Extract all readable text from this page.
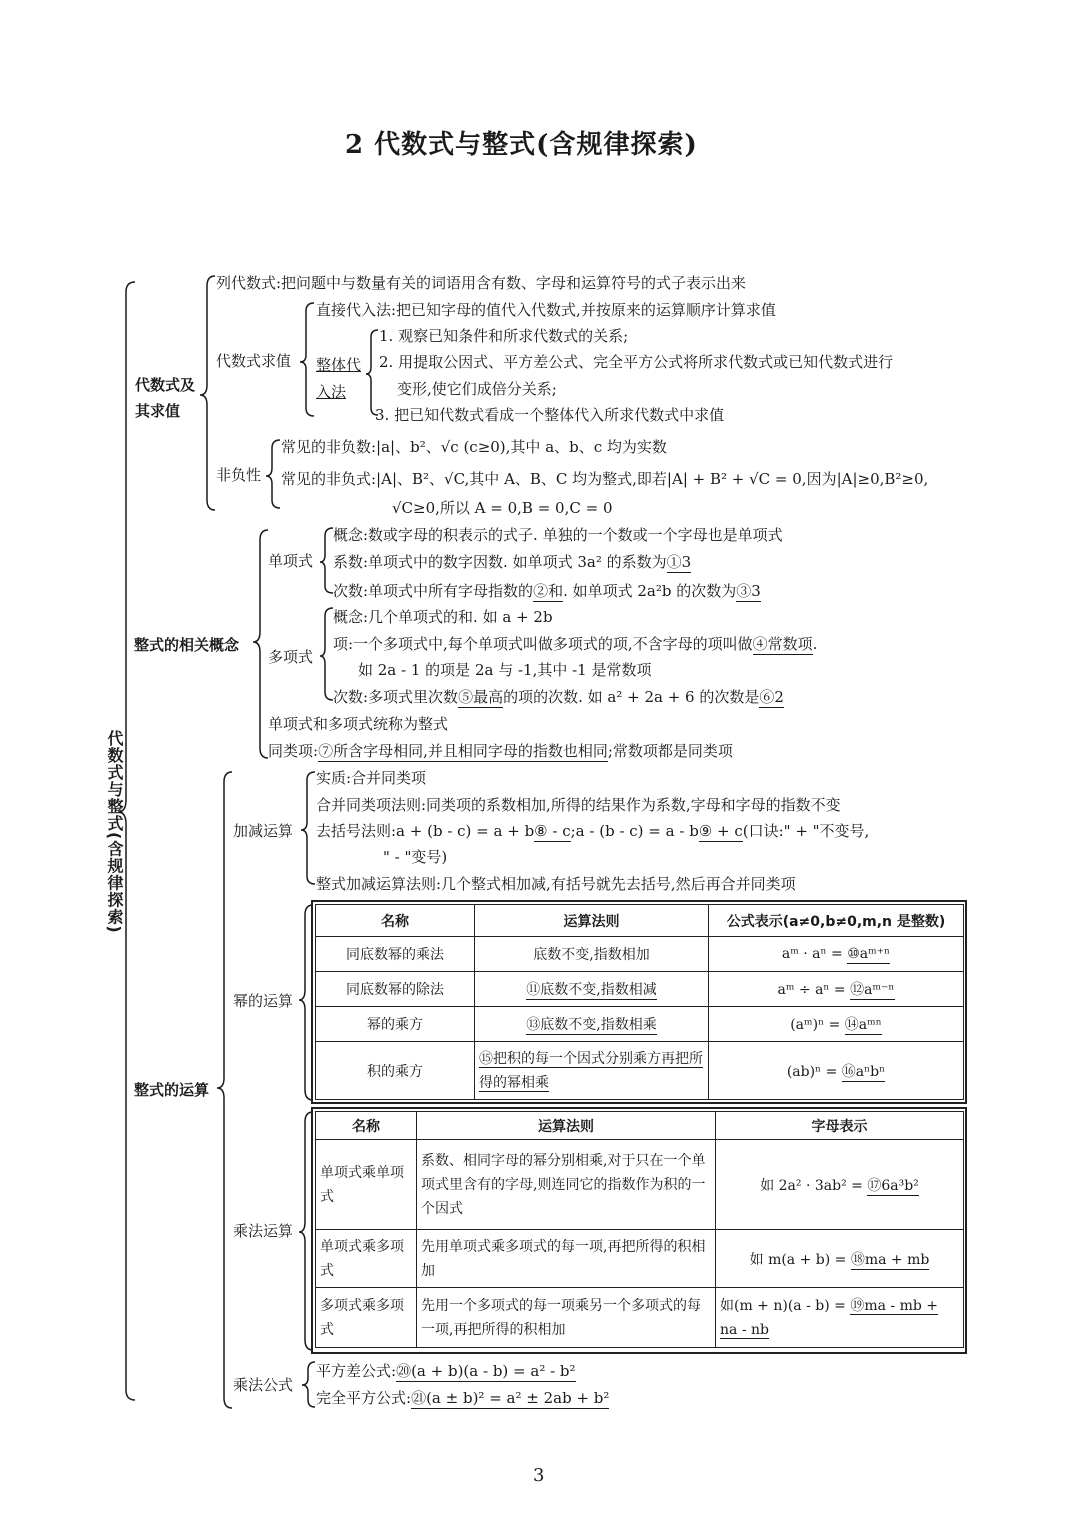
2 代数式与整式(含规律探索)
代数式与整式(含规律探索)
代数式及其求值
列代数式:把问题中与数量有关的词语用含有数、字母和运算符号的式子表示出来
代数式求值
直接代入法:把已知字母的值代入代数式,并按原来的运算顺序计算求值
整体代入法
1. 观察已知条件和所求代数式的关系;
2. 用提取公因式、平方差公式、完全平方公式将所求代数式或已知代数式进行
变形,使它们成倍分关系;
3. 把已知代数式看成一个整体代入所求代数式中求值
非负性
常见的非负数:|a|、b²、√c (c≥0),其中 a、b、c 均为实数
常见的非负式:|A|、B²、√C,其中 A、B、C 均为整式,即若|A| + B² + √C = 0,因为|A|≥0,B²≥0,
√C≥0,所以 A = 0,B = 0,C = 0
整式的相关概念
单项式
概念:数或字母的积表示的式子. 单独的一个数或一个字母也是单项式
系数:单项式中的数字因数. 如单项式 3a² 的系数为①3
次数:单项式中所有字母指数的②和. 如单项式 2a²b 的次数为③3
多项式
概念:几个单项式的和. 如 a + 2b
项:一个多项式中,每个单项式叫做多项式的项,不含字母的项叫做④常数项.
如 2a - 1 的项是 2a 与 -1,其中 -1 是常数项
次数:多项式里次数⑤最高的项的次数. 如 a² + 2a + 6 的次数是⑥2
单项式和多项式统称为整式
同类项:⑦所含字母相同,并且相同字母的指数也相同;常数项都是同类项
整式的运算
加减运算
实质:合并同类项
合并同类项法则:同类项的系数相加,所得的结果作为系数,字母和字母的指数不变
去括号法则:a + (b - c) = a + b⑧ - c;a - (b - c) = a - b⑨ + c(口诀:" + "不变号,
" - "变号)
整式加减运算法则:几个整式相加减,有括号就先去括号,然后再合并同类项
幂的运算
名称	运算法则	公式表示(a≠0,b≠0,m,n 是整数)
同底数幂的乘法	底数不变,指数相加	aᵐ · aⁿ = ⑩aᵐ⁺ⁿ
同底数幂的除法	⑪底数不变,指数相减	aᵐ ÷ aⁿ = ⑫aᵐ⁻ⁿ
幂的乘方	⑬底数不变,指数相乘	(aᵐ)ⁿ = ⑭aᵐⁿ
积的乘方	⑮把积的每一个因式分别乘方再把所得的幂相乘	(ab)ⁿ = ⑯aⁿbⁿ
乘法运算
名称	运算法则	字母表示
单项式乘单项式	系数、相同字母的幂分别相乘,对于只在一个单项式里含有的字母,则连同它的指数作为积的一个因式	如 2a² · 3ab² = ⑰6a³b²
单项式乘多项式	先用单项式乘多项式的每一项,再把所得的积相加	如 m(a + b) = ⑱ma + mb
多项式乘多项式	先用一个多项式的每一项乘另一个多项式的每一项,再把所得的积相加	如(m + n)(a - b) = ⑲ma - mb + na - nb
乘法公式
平方差公式:⑳(a + b)(a - b) = a² - b²
完全平方公式:㉑(a ± b)² = a² ± 2ab + b²
3
